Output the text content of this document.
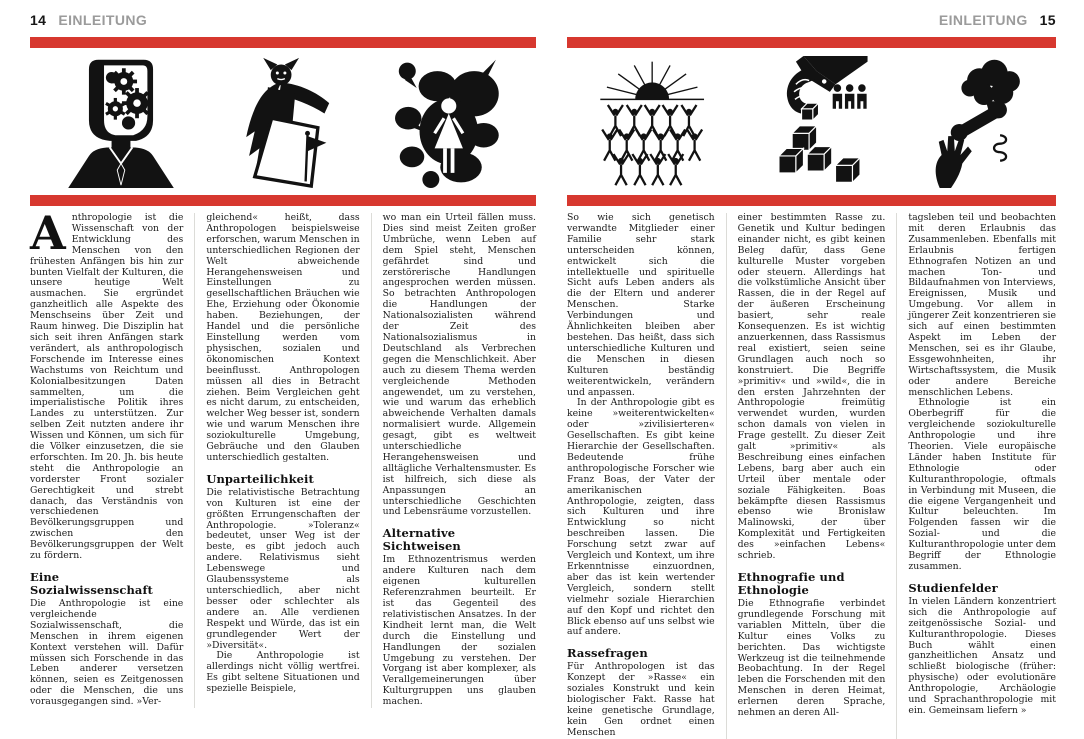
14 EINLEITUNG

Anthropologie ist die Wissenschaft von der Entwicklung des Menschen von den frühesten Anfängen bis hin zur bunten Vielfalt der Kulturen, die unsere heutige Welt ausmachen. Sie ergründet ganzheitlich alle Aspekte des Menschseins über Zeit und Raum hinweg. Die Disziplin hat sich seit ihren Anfängen stark verändert, als anthropologisch Forschende im Interesse eines Wachstums von Reichtum und Kolonialbesitzungen Daten sammelten, um die imperialistische Politik ihres Landes zu unterstützen. Zur selben Zeit nutzten andere ihr Wissen und Können, um sich für die Völker einzusetzen, die sie erforschten. Im 20. Jh. bis heute steht die Anthropologie an vorderster Front sozialer Gerechtigkeit und strebt danach, das Verständnis von verschiedenen Bevölkerungsgruppen und zwischen den Bevölkerungsgruppen der Welt zu fördern.

Eine Sozialwissenschaft

Die Anthropologie ist eine vergleichende Sozialwissenschaft, die Menschen in ihrem eigenen Kontext verstehen will. Dafür müssen sich Forschende in das Leben anderer versetzen können, seien es Zeitgenossen oder die Menschen, die uns vorausgegangen sind. »Ver-

gleichend« heißt, dass Anthropologen beispielsweise erforschen, warum Menschen in unterschiedlichen Regionen der Welt abweichende Herangehensweisen und Einstellungen zu gesellschaftlichen Bräuchen wie Ehe, Erziehung oder Ökonomie haben. Beziehungen, der Handel und die persönliche Einstellung werden vom physischen, sozialen und ökonomischen Kontext beeinflusst. Anthropologen müssen all dies in Betracht ziehen. Beim Vergleichen geht es nicht darum, zu entscheiden, welcher Weg besser ist, sondern wie und warum Menschen ihre soziokulturelle Umgebung, Gebräuche und den Glauben unterschiedlich gestalten.

Unparteilichkeit

Die relativistische Betrachtung von Kulturen ist eine der größten Errungenschaften der Anthropologie. »Toleranz« bedeutet, unser Weg ist der beste, es gibt jedoch auch andere. Relativismus sieht Lebenswege und Glaubenssysteme als unterschiedlich, aber nicht besser oder schlechter als andere an. Alle verdienen Respekt und Würde, das ist ein grundlegender Wert der »Diversität«.

Die Anthropologie ist allerdings nicht völlig wertfrei. Es gibt seltene Situationen und spezielle Beispiele,

wo man ein Urteil fällen muss. Dies sind meist Zeiten großer Umbrüche, wenn Leben auf dem Spiel steht, Menschen gefährdet sind und zerstörerische Handlungen angesprochen werden müssen. So betrachten Anthropologen die Handlungen der Nationalsozialisten während der Zeit des Nationalsozialismus in Deutschland als Verbrechen gegen die Menschlichkeit. Aber auch zu diesem Thema werden vergleichende Methoden angewendet, um zu verstehen, wie und warum das erheblich abweichende Verhalten damals normalisiert wurde. Allgemein gesagt, gibt es weltweit unterschiedliche Herangehensweisen und alltägliche Verhaltensmuster. Es ist hilfreich, sich diese als Anpassungen an unterschiedliche Geschichten und Lebensräume vorzustellen.

Alternative Sichtweisen

Im Ethnozentrismus werden andere Kulturen nach dem eigenen kulturellen Referenzrahmen beurteilt. Er ist das Gegenteil des relativistischen Ansatzes. In der Kindheit lernt man, die Welt durch die Einstellung und Handlungen der sozialen Umgebung zu verstehen. Der Vorgang ist aber komplexer, als Verallgemeinerungen über Kulturgruppen uns glauben machen.

EINLEITUNG 15

So wie sich genetisch verwandte Mitglieder einer Familie sehr stark unterscheiden können, entwickelt sich die intellektuelle und spirituelle Sicht aufs Leben anders als die der Eltern und anderer Menschen. Starke Verbindungen und Ähnlichkeiten bleiben aber bestehen. Das heißt, dass sich unterschiedliche Kulturen und die Menschen in diesen Kulturen beständig weiterentwickeln, verändern und anpassen.

In der Anthropologie gibt es keine »weiterentwickelten« oder »zivilisierteren« Gesellschaften. Es gibt keine Hierarchie der Gesellschaften. Bedeutende frühe anthropologische Forscher wie Franz Boas, der Vater der amerikanischen Anthropologie, zeigten, dass sich Kulturen und ihre Entwicklung so nicht beschreiben lassen. Die Forschung setzt zwar auf Vergleich und Kontext, um ihre Erkenntnisse einzuordnen, aber das ist kein wertender Vergleich, sondern stellt vielmehr soziale Hierarchien auf den Kopf und richtet den Blick ebenso auf uns selbst wie auf andere.

Rassefragen

Für Anthropologen ist das Konzept der »Rasse« ein soziales Konstrukt und kein biologischer Fakt. Rasse hat keine genetische Grundlage, kein Gen ordnet einen Menschen

einer bestimmten Rasse zu. Genetik und Kultur bedingen einander nicht, es gibt keinen Beleg dafür, dass Gene kulturelle Muster vorgeben oder steuern. Allerdings hat die volkstümliche Ansicht über Rassen, die in der Regel auf der äußeren Erscheinung basiert, sehr reale Konsequenzen. Es ist wichtig anzuerkennen, dass Rassismus real existiert, seien seine Grundlagen auch noch so konstruiert. Die Begriffe »primitiv« und »wild«, die in den ersten Jahrzehnten der Anthropologie freimütig verwendet wurden, wurden schon damals von vielen in Frage gestellt. Zu dieser Zeit galt »primitiv« als Beschreibung eines einfachen Lebens, barg aber auch ein Urteil über mentale oder soziale Fähigkeiten. Boas bekämpfte diesen Rassismus ebenso wie Bronisław Malinowski, der über Komplexität und Fertigkeiten des »einfachen Lebens« schrieb.

Ethnografie und Ethnologie

Die Ethnografie verbindet grundlegende Forschung mit variablen Mitteln, über die Kultur eines Volks zu berichten. Das wichtigste Werkzeug ist die teilnehmende Beobachtung. In der Regel leben die Forschenden mit den Menschen in deren Heimat, erlernen deren Sprache, nehmen an deren All-

tagsleben teil und beobachten mit deren Erlaubnis das Zusammenleben. Ebenfalls mit Erlaubnis fertigen Ethnografen Notizen an und machen Ton- und Bildaufnahmen von Interviews, Ereignissen, Musik und Umgebung. Vor allem in jüngerer Zeit konzentrieren sie sich auf einen bestimmten Aspekt im Leben der Menschen, sei es ihr Glaube, Essgewohnheiten, ihr Wirtschaftssystem, die Musik oder andere Bereiche menschlichen Lebens.

Ethnologie ist ein Oberbegriff für die vergleichende soziokulturelle Anthropologie und ihre Theorien. Viele europäische Länder haben Institute für Ethnologie oder Kulturanthropologie, oftmals in Verbindung mit Museen, die die eigene Vergangenheit und Kultur beleuchten. Im Folgenden fassen wir die Sozial- und die Kulturanthropologie unter dem Begriff der Ethnologie zusammen.

Studienfelder

In vielen Ländern konzentriert sich die Anthropologie auf zeitgenössische Sozial- und Kulturanthropologie. Dieses Buch wählt einen ganzheitlichen Ansatz und schließt biologische (früher: physische) oder evolutionäre Anthropologie, Archäologie und Sprachanthropologie mit ein. Gemeinsam liefern »
